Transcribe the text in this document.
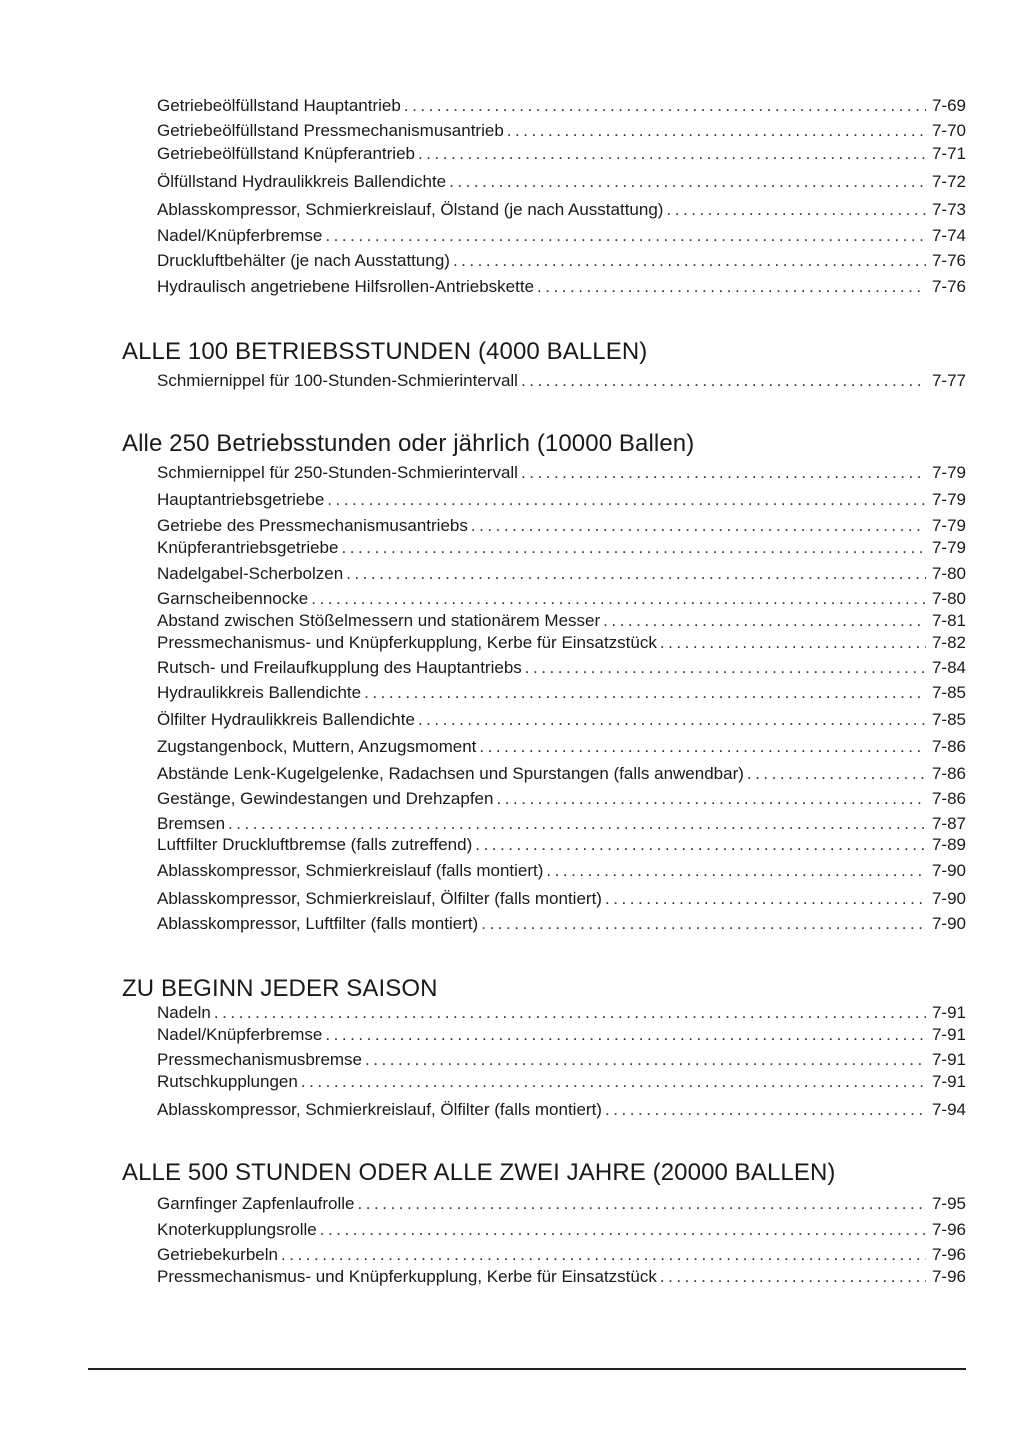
Getriebeölfüllstand Hauptantrieb . . .	7-69
Getriebeölfüllstand Pressmechanismusantrieb . . .	7-70
Getriebeölfüllstand Knüpferantrieb . . .	7-71
Ölfüllstand Hydraulikkreis Ballendichte . . .	7-72
Ablasskompressor, Schmierkreislauf, Ölstand (je nach Ausstattung) . . .	7-73
Nadel/Knüpferbremse . . .	7-74
Druckluftbehälter (je nach Ausstattung) . . .	7-76
Hydraulisch angetriebene Hilfsrollen-Antriebskette . . .	7-76
ALLE 100 BETRIEBSSTUNDEN (4000 BALLEN)
Schmiernippel für 100-Stunden-Schmierintervall . . .	7-77
Alle 250 Betriebsstunden oder jährlich (10000 Ballen)
Schmiernippel für 250-Stunden-Schmierintervall . . .	7-79
Hauptantriebsgetriebe . . .	7-79
Getriebe des Pressmechanismusantriebs . . .	7-79
Knüpferantriebsgetriebe . . .	7-79
Nadelgabel-Scherbolzen . . .	7-80
Garnscheibennocke . . .	7-80
Abstand zwischen Stößelmessern und stationärem Messer . . .	7-81
Pressmechanismus- und Knüpferkupplung, Kerbe für Einsatzstück . . .	7-82
Rutsch- und Freilaufkupplung des Hauptantriebs . . .	7-84
Hydraulikkreis Ballendichte . . .	7-85
Ölfilter Hydraulikkreis Ballendichte . . .	7-85
Zugstangenbock, Muttern, Anzugsmoment . . .	7-86
Abstände Lenk-Kugelgelenke, Radachsen und Spurstangen (falls anwendbar) . . .	7-86
Gestänge, Gewindestangen und Drehzapfen . . .	7-86
Bremsen . . .	7-87
Luftfilter Druckluftbremse (falls zutreffend) . . .	7-89
Ablasskompressor, Schmierkreislauf (falls montiert) . . .	7-90
Ablasskompressor, Schmierkreislauf, Ölfilter (falls montiert) . . .	7-90
Ablasskompressor, Luftfilter (falls montiert) . . .	7-90
ZU BEGINN JEDER SAISON
Nadeln . . .	7-91
Nadel/Knüpferbremse . . .	7-91
Pressmechanismusbremse . . .	7-91
Rutschkupplungen . . .	7-91
Ablasskompressor, Schmierkreislauf, Ölfilter (falls montiert) . . .	7-94
ALLE 500 STUNDEN ODER ALLE ZWEI JAHRE (20000 BALLEN)
Garnfinger Zapfenlaufrolle . . .	7-95
Knoterkupplungsrolle . . .	7-96
Getriebekurbeln . . .	7-96
Pressmechanismus- und Knüpferkupplung, Kerbe für Einsatzstück . . .	7-96
